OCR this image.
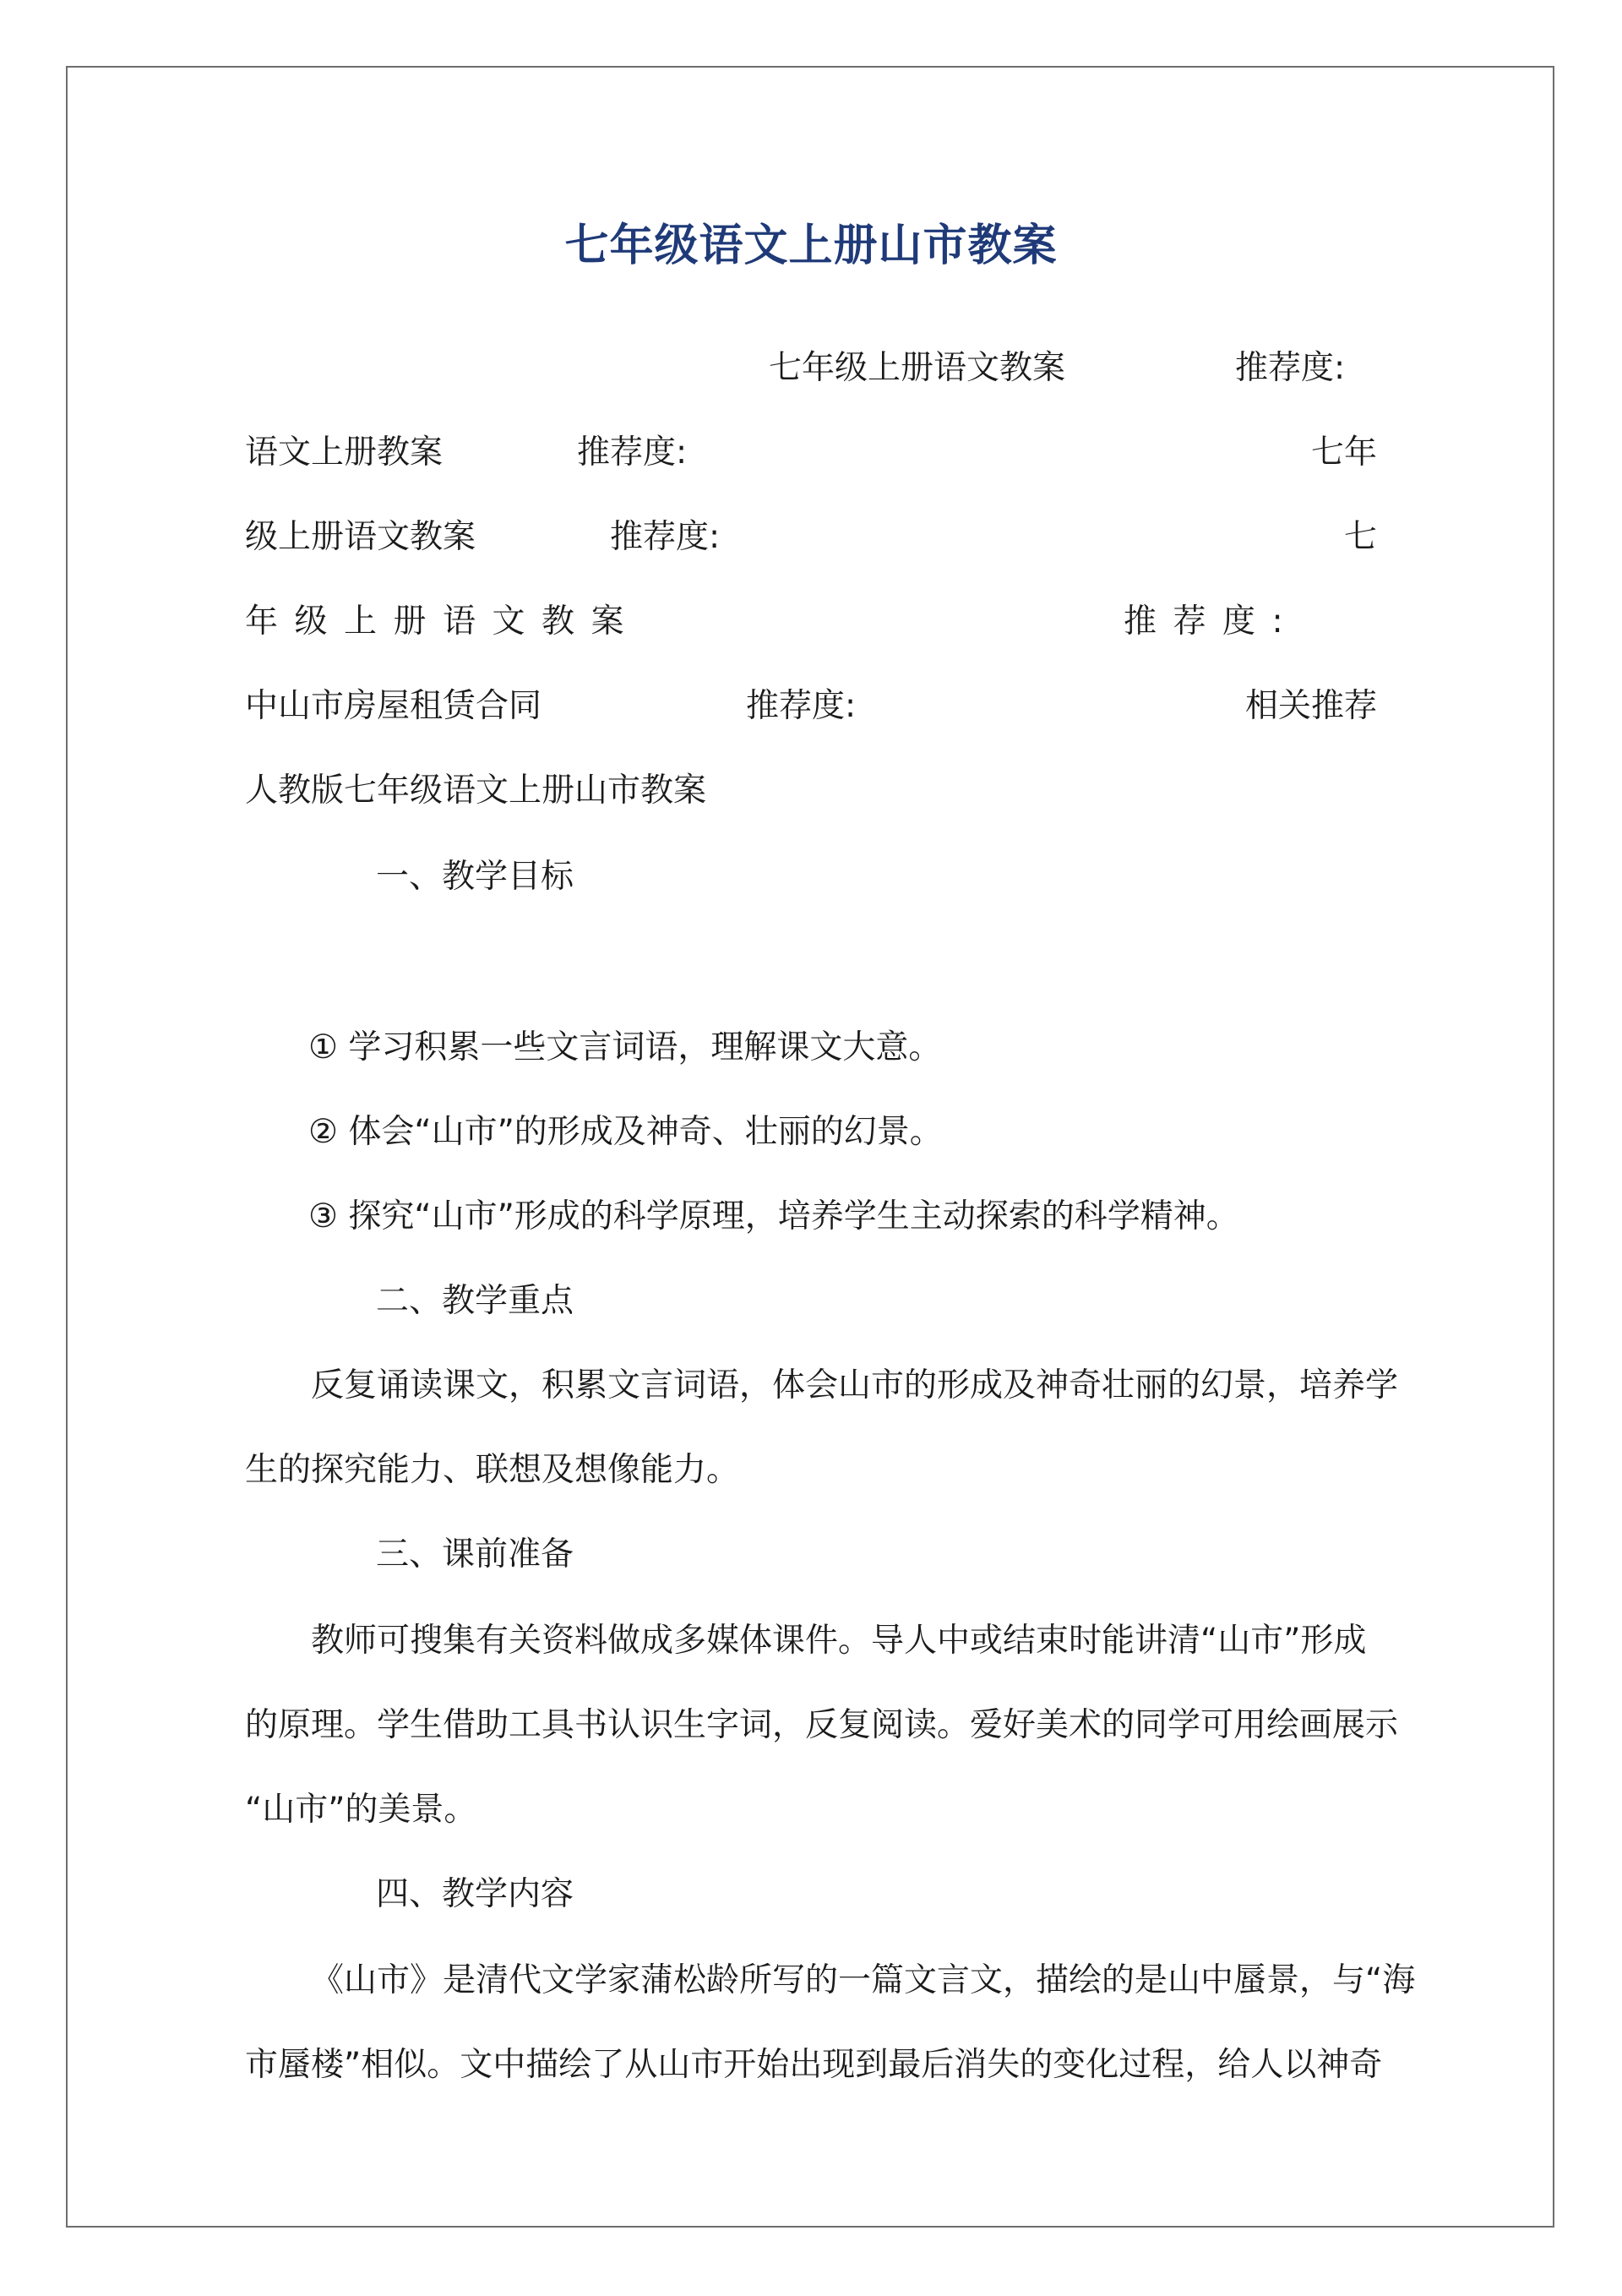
七年级语文上册山市教案
七年级上册语文教案	推荐度:
语文上册教案	推荐度:	七年
级上册语文教案	推荐度:	七
年级上册语文教案	推荐度:
中山市房屋租赁合同	推荐度:	相关推荐
人教版七年级语文上册山市教案
一、教学目标
① 学习积累一些文言词语，理解课文大意。
② 体会“山市”的形成及神奇、壮丽的幻景。
③ 探究“山市”形成的科学原理，培养学生主动探索的科学精神。
二、教学重点
反复诵读课文，积累文言词语，体会山市的形成及神奇壮丽的幻景，培养学
生的探究能力、联想及想像能力。
三、课前准备
教师可搜集有关资料做成多媒体课件。导人中或结束时能讲清“山市”形成
的原理。学生借助工具书认识生字词，反复阅读。爱好美术的同学可用绘画展示
“山市”的美景。
四、教学内容
《山市》是清代文学家蒲松龄所写的一篇文言文，描绘的是山中蜃景，与“海
市蜃楼”相似。文中描绘了从山市开始出现到最后消失的变化过程，给人以神奇
